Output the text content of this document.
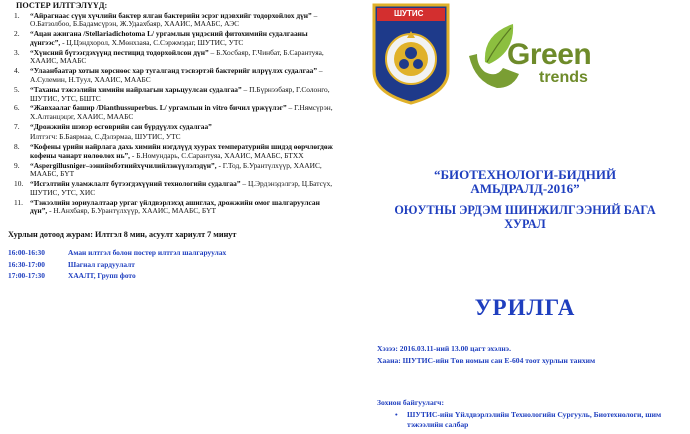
ПОСТЕР ИЛТГЭЛҮҮД:
1. “Айрагнаас сүүн хүчлийн бактер ялган бактерийн эсрэг идэвхийг тодорхойлох дүн” – О.Батзолбоо, Б.Бадамсүрэн, Ж.Удаахбаяр, ХААИС, МААБС, АЭС
2. “Ацан ажигана /Stellariadichotoma L/ ургамлын үндэсний фитохимийн судалгааны дүнгээс”, - Ц.Цэндхорол, Х.Мөнхзаяа, С.Сэржмэдаг, ШУТИС, УТС
3. “Хүнсний бүтээгдэхүүнд пестицид тодорхойлсон дүн” – Б.Хосбаяр, Г.Чинбат, Б.Сарантуяа, ХААИС, МААБС
4. “Улаанбаатар хотын хөрснөөс хар тугалганд тэсвэртэй бактерийг илрүүлэх судалгаа” – А.Сулемин, Н.Туул, ХААИС, МААБС
5. “Таханы тэжээлийн химийн найрлагын харьцуулсан судалгаа” – П.Бүрнээбаяр, Г.Солонго, ШУТИС, УТС, БШТС
6. “Жавхаалаг башир /Dianthussuperbus. L/ ургамлын in vitro бичил үржүүлэг” – Г.Нямсүрэн, Х.Алтанцэцэг, ХААИС, МААБС
7. “Дрожжийн шэвэр өсгөврийн сан бүрдүүлэх судалгаа”
Илтгэгч: Б.Баярмаа, С.Дэлэрмаа, ШУТИС, УТС
8. “Кофены үрийн найрлага дахь химийн нэгдлүүд хуурах температурийн шидэд өөрчлөгдөж кофены чанарт нөлөөлөх нь”, - Б.Номундарь, С.Сарантуяа, ХААИС, МААБС, БТХХ
9. “Aspergillusniger–ээниймбэтиийхүчилийлэжүүлэлэдүн”, - Г.Тод, Б.Урантүлхүүр, ХААИС, МААБС, БҮТ
10. “Исгэлтийн уламжлалт бүтээгдэхүүний технологийн судалгаа” – Ц.Эрдэнэдэлгэр, Ц.Батсүх, ШУТИС, УТС, ХИС
11. “Тэжээлийн зориулалтаар ургаг үйлдвэрлэхэд ашиглах, дрожжийн омог шалгаруулсан дүн”, - Н.Анхбаяр, Б.Урантүлхүүр, ХААИС, МААБС, БҮТ
Хурлын дотоод журам: Илтгэл 8 мин, асуулт хариулт 7 минут
16:00-16:30	Аман илтгэл болон постер илтгэл шалгаруулах
16:30-17:00	Шагнал гардуулалт
17:00-17:30	ХААЛТ, Групп фото
ШУТИС
Green
trends
“БИОТЕХНОЛОГИ-БИДНИЙ
АМЬДРАЛД-2016”
ОЮУТНЫ ЭРДЭМ ШИНЖИЛГЭЭНИЙ БАГА
ХУРАЛ
УРИЛГА
Хэзээ: 2016.03.11-ний 13.00 цагт эхэлнэ.
Хаана: ШУТИС-ийн Төв номын сан Е-604 тоот хурлын танхим
Зохион байгуулагч:
• ШУТИС-ийн Үйлдвэрлэлийн Технологийн Сургууль, Биотехнологи, шим тэжээлийн салбар
